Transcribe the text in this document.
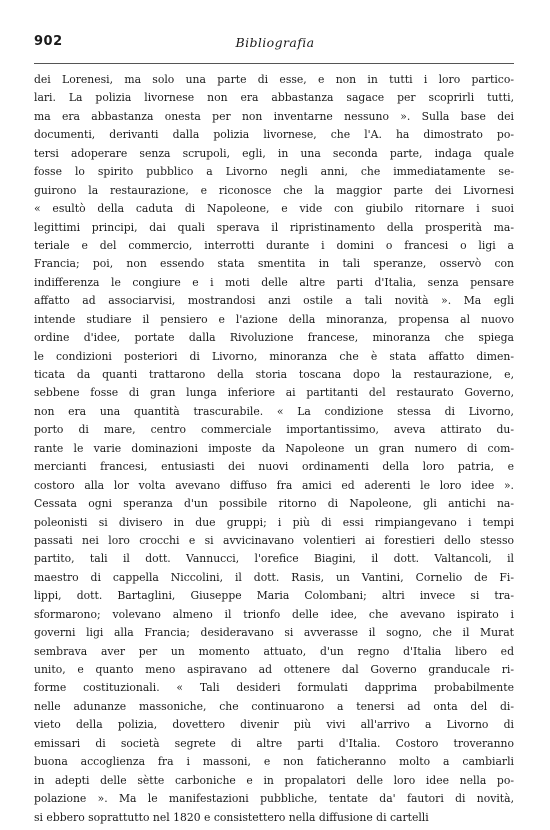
902	Bibliografia
dei Lorenesi, ma solo una parte di esse, e non in tutti i loro partico-
lari. La polizia livornese non era abbastanza sagace per scoprirli tutti,
ma era abbastanza onesta per non inventarne nessuno ». Sulla base dei
documenti, derivanti dalla polizia livornese, che l'A. ha dimostrato po-
tersi adoperare senza scrupoli, egli, in una seconda parte, indaga quale
fosse lo spirito pubblico a Livorno negli anni, che immediatamente se-
guirono la restaurazione, e riconosce che la maggior parte dei Livornesi
« esultò della caduta di Napoleone, e vide con giubilo ritornare i suoi
legittimi principi, dai quali sperava il ripristinamento della prosperità ma-
teriale e del commercio, interrotti durante i domini o francesi o ligi a
Francia; poi, non essendo stata smentita in tali speranze, osservò con
indifferenza le congiure e i moti delle altre parti d'Italia, senza pensare
affatto ad associarvisi, mostrandosi anzi ostile a tali novità ». Ma egli
intende studiare il pensiero e l'azione della minoranza, propensa al nuovo
ordine d'idee, portate dalla Rivoluzione francese, minoranza che spiega
le condizioni posteriori di Livorno, minoranza che è stata affatto dimen-
ticata da quanti trattarono della storia toscana dopo la restaurazione, e,
sebbene fosse di gran lunga inferiore ai partitanti del restaurato Governo,
non era una quantità trascurabile. « La condizione stessa di Livorno,
porto di mare, centro commerciale importantissimo, aveva attirato du-
rante le varie dominazioni imposte da Napoleone un gran numero di com-
mercianti francesi, entusiasti dei nuovi ordinamenti della loro patria, e
costoro alla lor volta avevano diffuso fra amici ed aderenti le loro idee ».
Cessata ogni speranza d'un possibile ritorno di Napoleone, gli antichi na-
poleonisti si divisero in due gruppi; i più di essi rimpiangevano i tempi
passati nei loro crocchi e si avvicinavano volentieri ai forestieri dello stesso
partito, tali il dott. Vannucci, l'orefice Biagini, il dott. Valtancoli, il
maestro di cappella Niccolini, il dott. Rasis, un Vantini, Cornelio de Fi-
lippi, dott. Bartaglini, Giuseppe Maria Colombani; altri invece si tra-
sformarono; volevano almeno il trionfo delle idee, che avevano ispirato i
governi ligi alla Francia; desideravano si avverasse il sogno, che il Murat
sembrava aver per un momento attuato, d'un regno d'Italia libero ed
unito, e quanto meno aspiravano ad ottenere dal Governo granducale ri-
forme costituzionali. « Tali desideri formulati dapprima probabilmente
nelle adunanze massoniche, che continuarono a tenersi ad onta del di-
vieto della polizia, dovettero divenir più vivi all'arrivo a Livorno di
emissari di società segrete di altre parti d'Italia. Costoro troveranno
buona accoglienza fra i massoni, e non faticheranno molto a cambiarli
in adepti delle sètte carboniche e in propalatori delle loro idee nella po-
polazione ». Ma le manifestazioni pubbliche, tentate da' fautori di novità,
si ebbero soprattutto nel 1820 e consistettero nella diffusione di cartelli
